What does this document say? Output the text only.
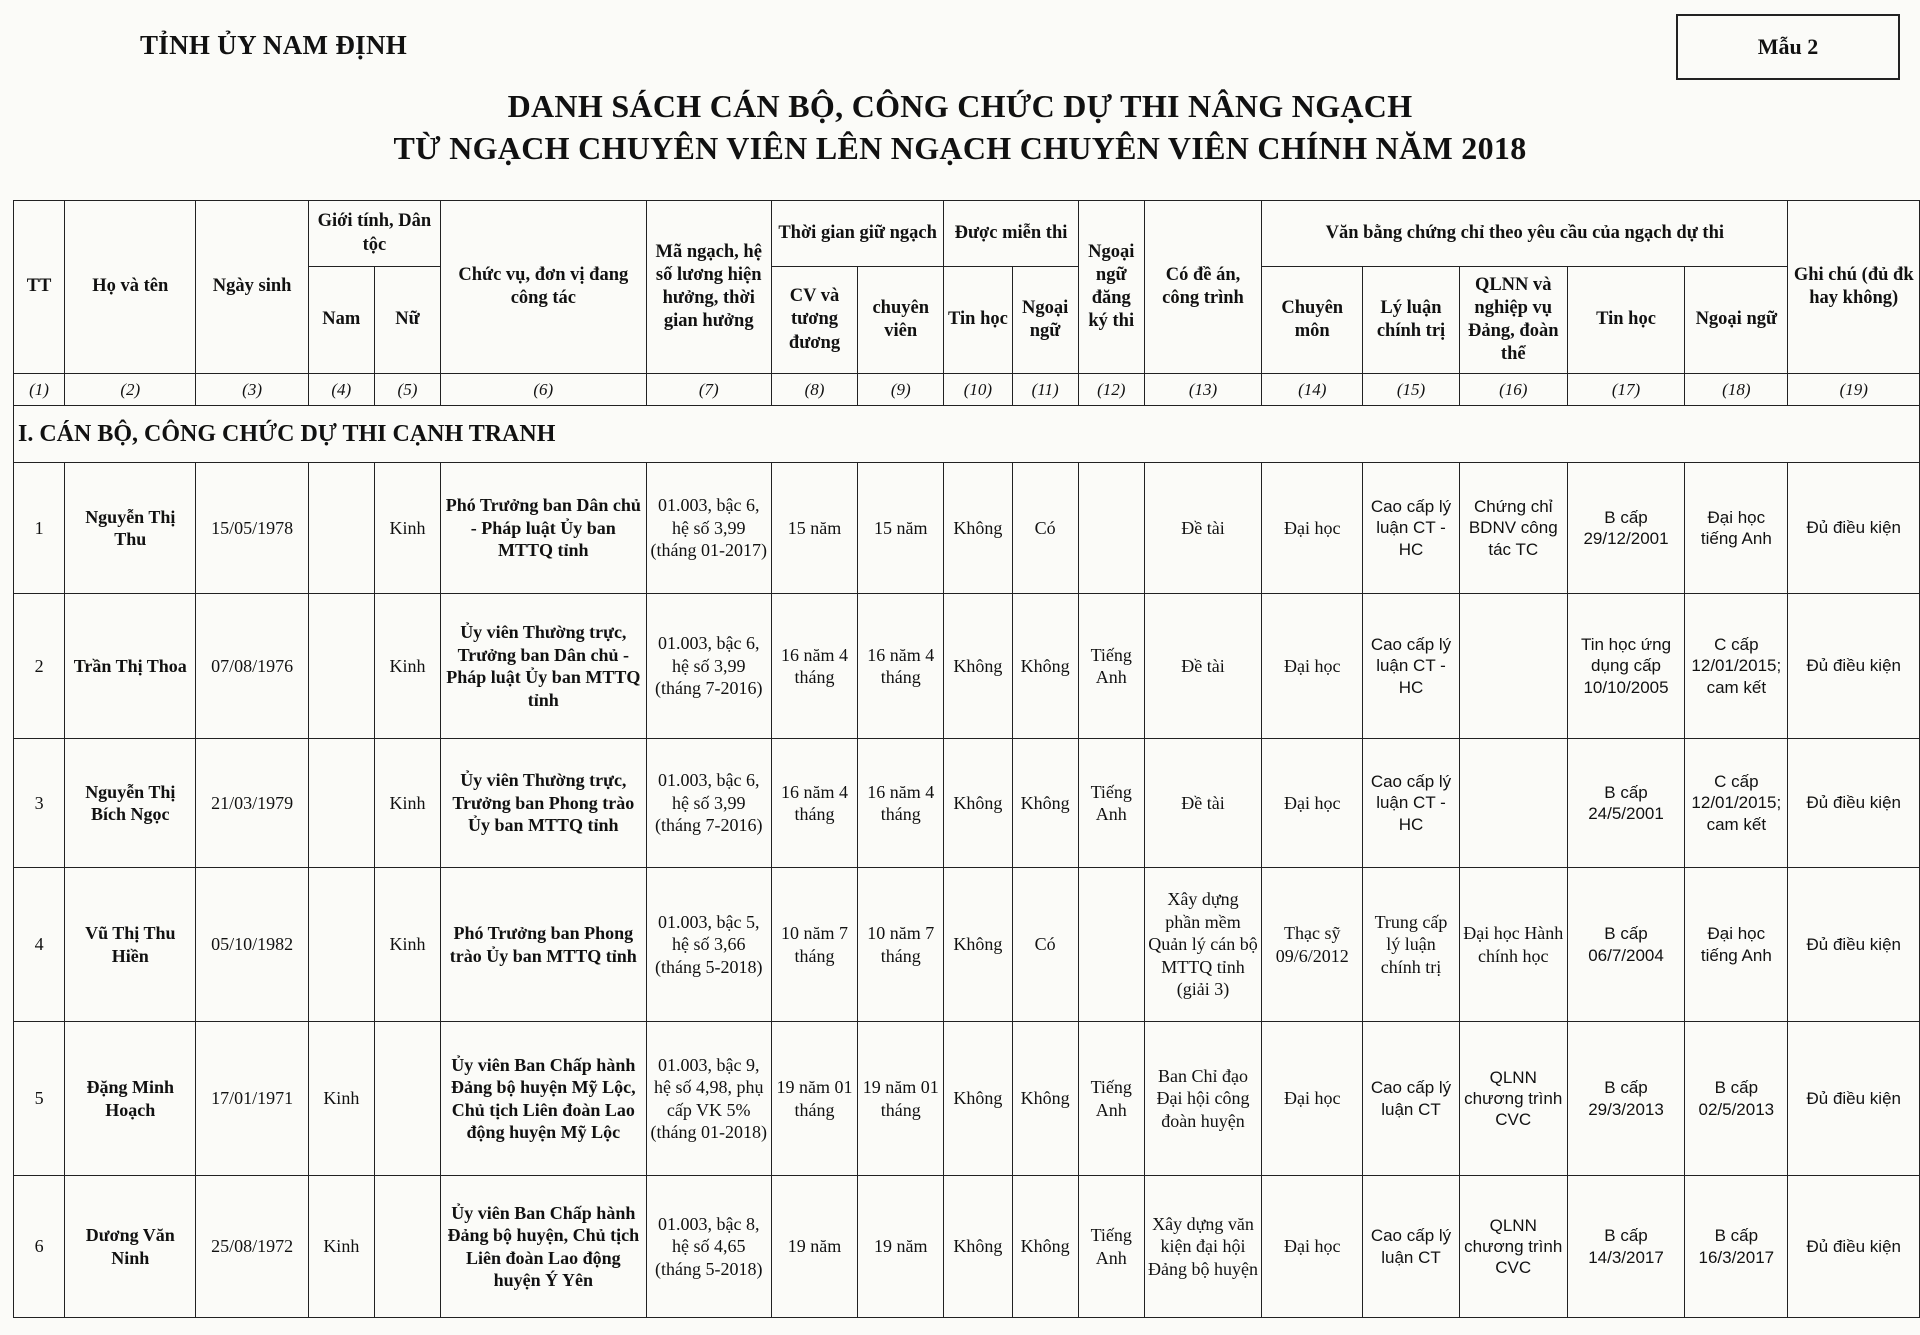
TỈNH ỦY NAM ĐỊNH	Mẫu 2
DANH SÁCH CÁN BỘ, CÔNG CHỨC DỰ THI NÂNG NGẠCH
TỪ NGẠCH CHUYÊN VIÊN LÊN NGẠCH CHUYÊN VIÊN CHÍNH NĂM 2018
TT	Họ và tên	Ngày sinh	Giới tính, Dân tộc		Chức vụ, đơn vị đang công tác	Mã ngạch, hệ số lương hiện hưởng, thời gian hưởng	Thời gian giữ ngạch		Được miễn thi		Ngoại ngữ đăng ký thi	Có đề án, công trình	Văn bằng chứng chỉ theo yêu cầu của ngạch dự thi					Ghi chú (đủ đk hay không)
			Nam	Nữ			CV và tương đương	chuyên viên	Tin học	Ngoại ngữ			Chuyên môn	Lý luận chính trị	QLNN và nghiệp vụ Đảng, đoàn thể	Tin học	Ngoại ngữ	
(1)	(2)	(3)	(4)	(5)	(6)	(7)	(8)	(9)	(10)	(11)	(12)	(13)	(14)	(15)	(16)	(17)	(18)	(19)
I. CÁN BỘ, CÔNG CHỨC DỰ THI CẠNH TRANH																		
1	Nguyễn Thị Thu	15/05/1978		Kinh	Phó Trưởng ban Dân chủ - Pháp luật Ủy ban MTTQ tỉnh	01.003, bậc 6, hệ số 3,99 (tháng 01-2017)	15 năm	15 năm	Không	Có		Đề tài	Đại học	Cao cấp lý luận CT - HC	Chứng chỉ BDNV công tác TC	B cấp 29/12/2001	Đại học tiếng Anh	Đủ điều kiện
2	Trần Thị Thoa	07/08/1976		Kinh	Ủy viên Thường trực, Trưởng ban Dân chủ - Pháp luật Ủy ban MTTQ tỉnh	01.003, bậc 6, hệ số 3,99 (tháng 7-2016)	16 năm 4 tháng	16 năm 4 tháng	Không	Không	Tiếng Anh	Đề tài	Đại học	Cao cấp lý luận CT - HC		Tin học ứng dụng cấp 10/10/2005	C cấp 12/01/2015; cam kết	Đủ điều kiện
3	Nguyễn Thị Bích Ngọc	21/03/1979		Kinh	Ủy viên Thường trực, Trưởng ban Phong trào Ủy ban MTTQ tỉnh	01.003, bậc 6, hệ số 3,99 (tháng 7-2016)	16 năm 4 tháng	16 năm 4 tháng	Không	Không	Tiếng Anh	Đề tài	Đại học	Cao cấp lý luận CT - HC		B cấp 24/5/2001	C cấp 12/01/2015; cam kết	Đủ điều kiện
4	Vũ Thị Thu Hiền	05/10/1982		Kinh	Phó Trưởng ban Phong trào Ủy ban MTTQ tỉnh	01.003, bậc 5, hệ số 3,66 (tháng 5-2018)	10 năm 7 tháng	10 năm 7 tháng	Không	Có		Xây dựng phần mềm Quản lý cán bộ MTTQ tỉnh (giải 3)	Thạc sỹ 09/6/2012	Trung cấp lý luận chính trị	Đại học Hành chính học	B cấp 06/7/2004	Đại học tiếng Anh	Đủ điều kiện
5	Đặng Minh Hoạch	17/01/1971	Kinh		Ủy viên Ban Chấp hành Đảng bộ huyện Mỹ Lộc, Chủ tịch Liên đoàn Lao động huyện Mỹ Lộc	01.003, bậc 9, hệ số 4,98, phụ cấp VK 5% (tháng 01-2018)	19 năm 01 tháng	19 năm 01 tháng	Không	Không	Tiếng Anh	Ban Chỉ đạo Đại hội công đoàn huyện	Đại học	Cao cấp lý luận CT	QLNN chương trình CVC	B cấp 29/3/2013	B cấp 02/5/2013	Đủ điều kiện
6	Dương Văn Ninh	25/08/1972	Kinh		Ủy viên Ban Chấp hành Đảng bộ huyện, Chủ tịch Liên đoàn Lao động huyện Ý Yên	01.003, bậc 8, hệ số 4,65 (tháng 5-2018)	19 năm	19 năm	Không	Không	Tiếng Anh	Xây dựng văn kiện đại hội Đảng bộ huyện	Đại học	Cao cấp lý luận CT	QLNN chương trình CVC	B cấp 14/3/2017	B cấp 16/3/2017	Đủ điều kiện
